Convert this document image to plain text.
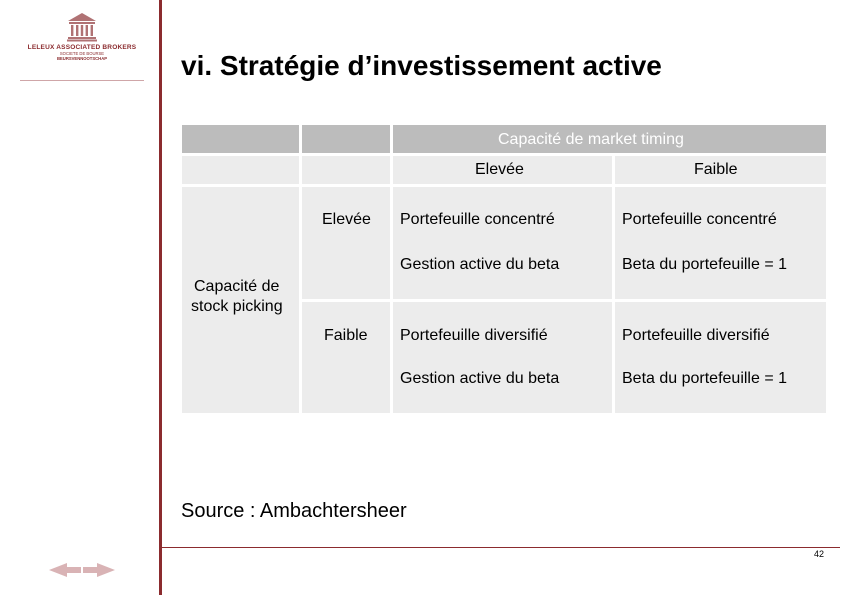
LELEUX ASSOCIATED BROKERS
SOCIETE DE BOURSE
BEURSVENNOOTSCHAP	vi. Stratégie d’investissement active
Capacité de market timing
Elevée	Faible
Capacité de
stock picking
Elevée Portefeuille concentré
Gestion active du beta
Portefeuille concentré
Beta du portefeuille = 1
Faible Portefeuille diversifié
Gestion active du beta
Portefeuille diversifié
Beta du portefeuille = 1
Source : Ambachtersheer
42
